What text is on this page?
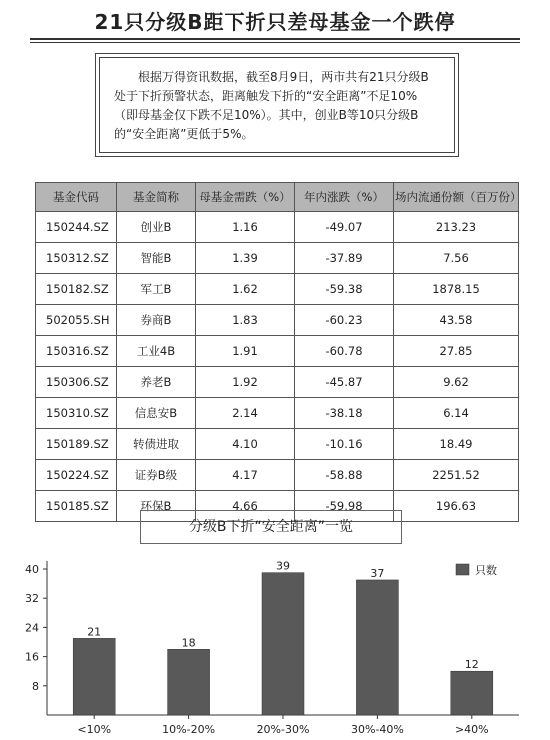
21只分级B距下折只差母基金一个跌停
根据万得资讯数据，截至8月9日，两市共有21只分级B处于下折预警状态，距离触发下折的“安全距离”不足10%（即母基金仅下跌不足10%）。其中，创业B等10只分级B的“安全距离”更低于5%。
基金代码	基金简称	母基金需跌（%）	年内涨跌（%）	场内流通份额（百万份）
150244.SZ	创业B	1.16	-49.07	213.23
150312.SZ	智能B	1.39	-37.89	7.56
150182.SZ	军工B	1.62	-59.38	1878.15
502055.SH	券商B	1.83	-60.23	43.58
150316.SZ	工业4B	1.91	-60.78	27.85
150306.SZ	养老B	1.92	-45.87	9.62
150310.SZ	信息安B	2.14	-38.18	6.14
150189.SZ	转债进取	4.10	-10.16	18.49
150224.SZ	证券B级	4.17	-58.88	2251.52
150185.SZ	环保B	4.66	-59.98	196.63
分级B下折“安全距离”一览
8
16
24
32
40
21
<10%
18
10%-20%
39
20%-30%
37
30%-40%
12
>40%
只数
